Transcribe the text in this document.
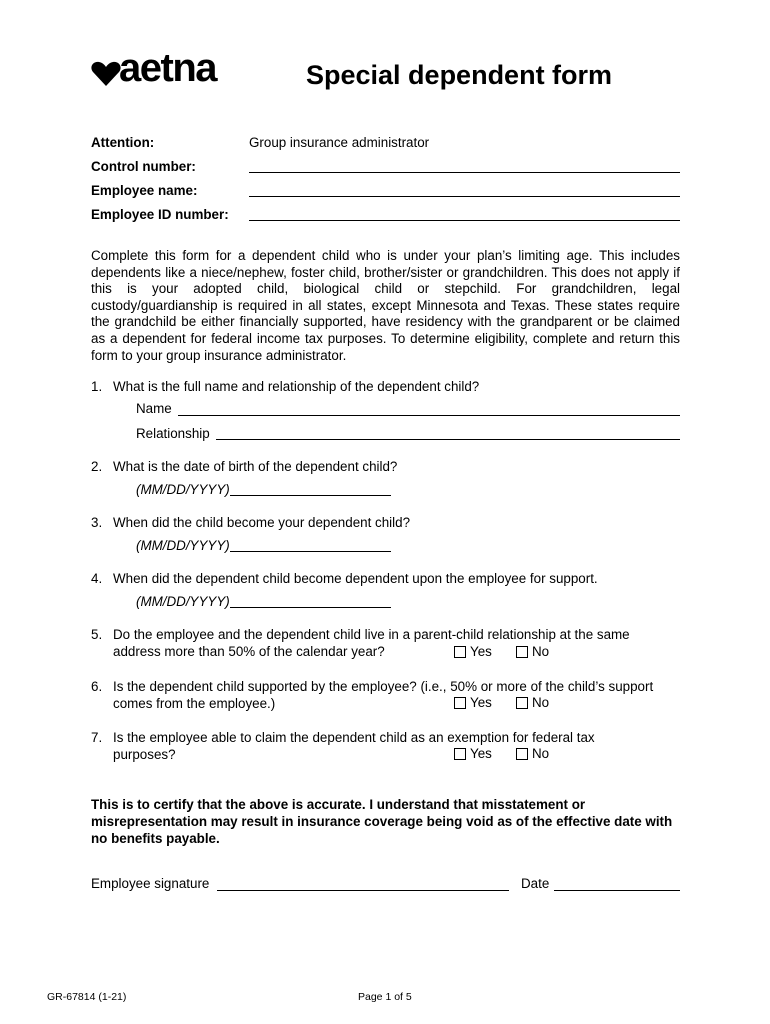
aetna	Special dependent form
Attention:	Group insurance administrator
Control number:
Employee name:
Employee ID number:
Complete this form for a dependent child who is under your plan’s limiting age. This includes dependents like a niece/nephew, foster child, brother/sister or grandchildren. This does not apply if this is your adopted child, biological child or stepchild. For grandchildren, legal custody/guardianship is required in all states, except Minnesota and Texas. These states require the grandchild be either financially supported, have residency with the grandparent or be claimed as a dependent for federal income tax purposes. To determine eligibility, complete and return this form to your group insurance administrator.
1. What is the full name and relationship of the dependent child?
Name
Relationship
2. What is the date of birth of the dependent child?
(MM/DD/YYYY)
3. When did the child become your dependent child?
(MM/DD/YYYY)
4. When did the dependent child become dependent upon the employee for support.
(MM/DD/YYYY)
5. Do the employee and the dependent child live in a parent-child relationship at the same
address more than 50% of the calendar year?	Yes	No
6. Is the dependent child supported by the employee? (i.e., 50% or more of the child’s support
comes from the employee.)	Yes	No
7. Is the employee able to claim the dependent child as an exemption for federal tax
purposes?	Yes	No
This is to certify that the above is accurate. I understand that misstatement or misrepresentation may result in insurance coverage being void as of the effective date with no benefits payable.
Employee signature	Date
GR-67814 (1-21)	Page 1 of 5
